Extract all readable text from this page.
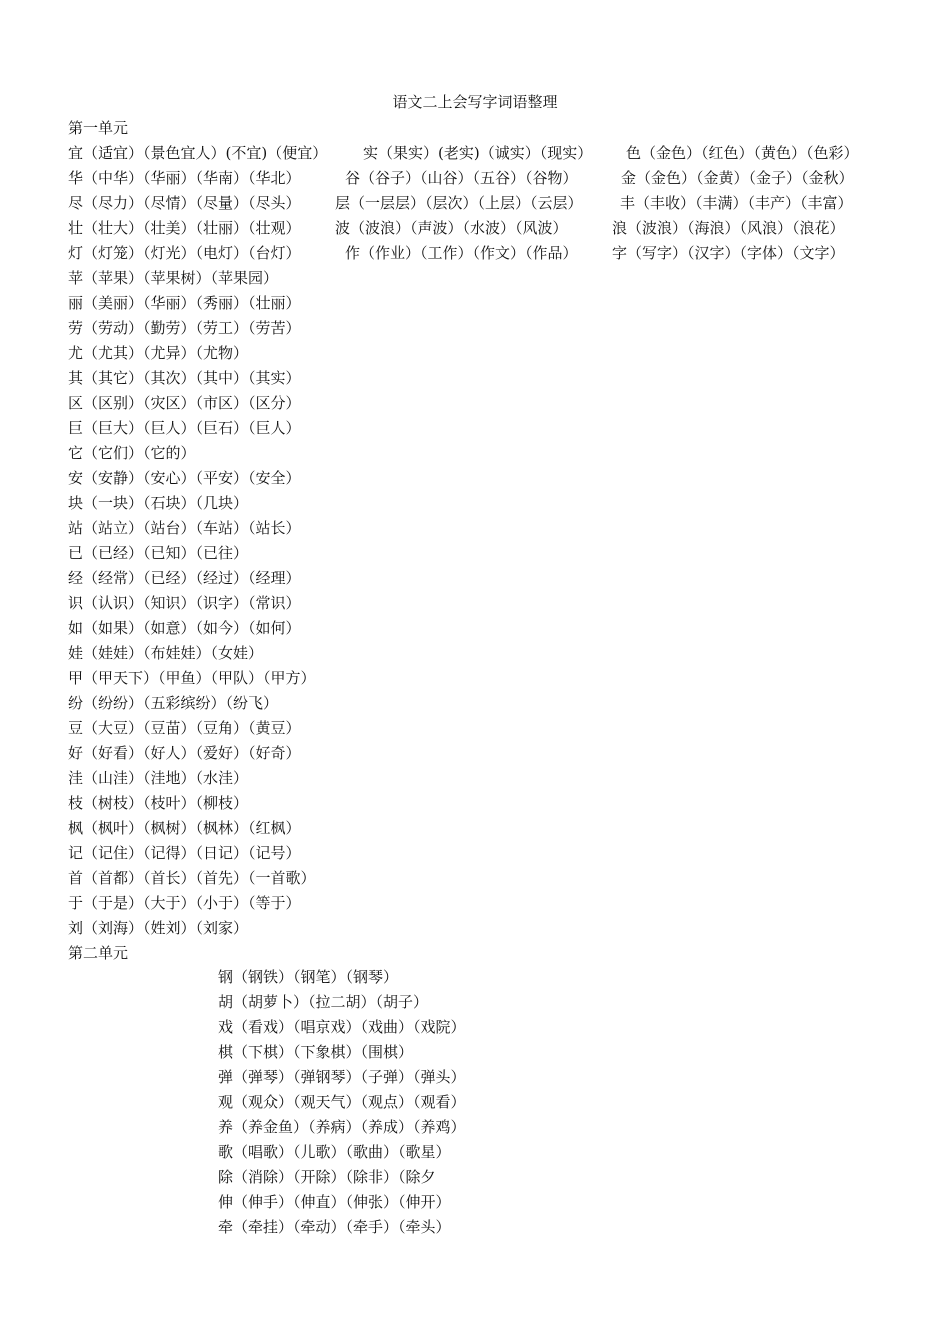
语文二上会写字词语整理
第一单元
宜（适宜）（景色宜人）(不宜)（便宜） 实（果实）(老实)（诚实）（现实） 色（金色）（红色）（黄色）（色彩）
华（中华）（华丽）（华南）（华北）	谷（谷子）（山谷）（五谷）（谷物）	金（金色）（金黄）（金子）（金秋）
尽（尽力）（尽情）（尽量）（尽头） 层（一层层）（层次）（上层）（云层） 丰（丰收）（丰满）（丰产）（丰富）
壮（壮大）（壮美）（壮丽）（壮观） 波（波浪）（声波）（水波）（风波）	浪（波浪）（海浪）（风浪）（浪花）
灯（灯笼）（灯光）（电灯）（台灯）	作（作业）（工作）（作文）（作品） 字（写字）（汉字）（字体）（文字）
苹（苹果）（苹果树）（苹果园）
丽（美丽）（华丽）（秀丽）（壮丽）
劳（劳动）（勤劳）（劳工）（劳苦）
尤（尤其）（尤异）（尤物）
其（其它）（其次）（其中）（其实）
区（区别）（灾区）（市区）（区分）
巨（巨大）（巨人）（巨石）（巨人）
它（它们）（它的）
安（安静）（安心）（平安）（安全）
块（一块）（石块）（几块）
站（站立）（站台）（车站）（站长）
已（已经）（已知）（已往）
经（经常）（已经）（经过）（经理）
识（认识）（知识）（识字）（常识）
如（如果）（如意）（如今）（如何）
娃（娃娃）（布娃娃）（女娃）
甲（甲天下）（甲鱼）（甲队）（甲方）
纷（纷纷）（五彩缤纷）（纷飞）
豆（大豆）（豆苗）（豆角）（黄豆）
好（好看）（好人）（爱好）（好奇）
洼（山洼）（洼地）（水洼）
枝（树枝）（枝叶）（柳枝）
枫（枫叶）（枫树）（枫林）（红枫）
记（记住）（记得）（日记）（记号）
首（首都）（首长）（首先）（一首歌）
于（于是）（大于）（小于）（等于）
刘（刘海）（姓刘）（刘家）
第二单元
钢（钢铁）（钢笔）（钢琴）
胡（胡萝卜）（拉二胡）（胡子）
戏（看戏）（唱京戏）（戏曲）（戏院）
棋（下棋）（下象棋）（围棋）
弹（弹琴）（弹钢琴）（子弹）（弹头）
观（观众）（观天气）（观点）（观看）
养（养金鱼）（养病）（养成）（养鸡）
歌（唱歌）（儿歌）（歌曲）（歌星）
除（消除）（开除）（除非）（除夕
伸（伸手）（伸直）（伸张）（伸开）
牵（牵挂）（牵动）（牵手）（牵头）
